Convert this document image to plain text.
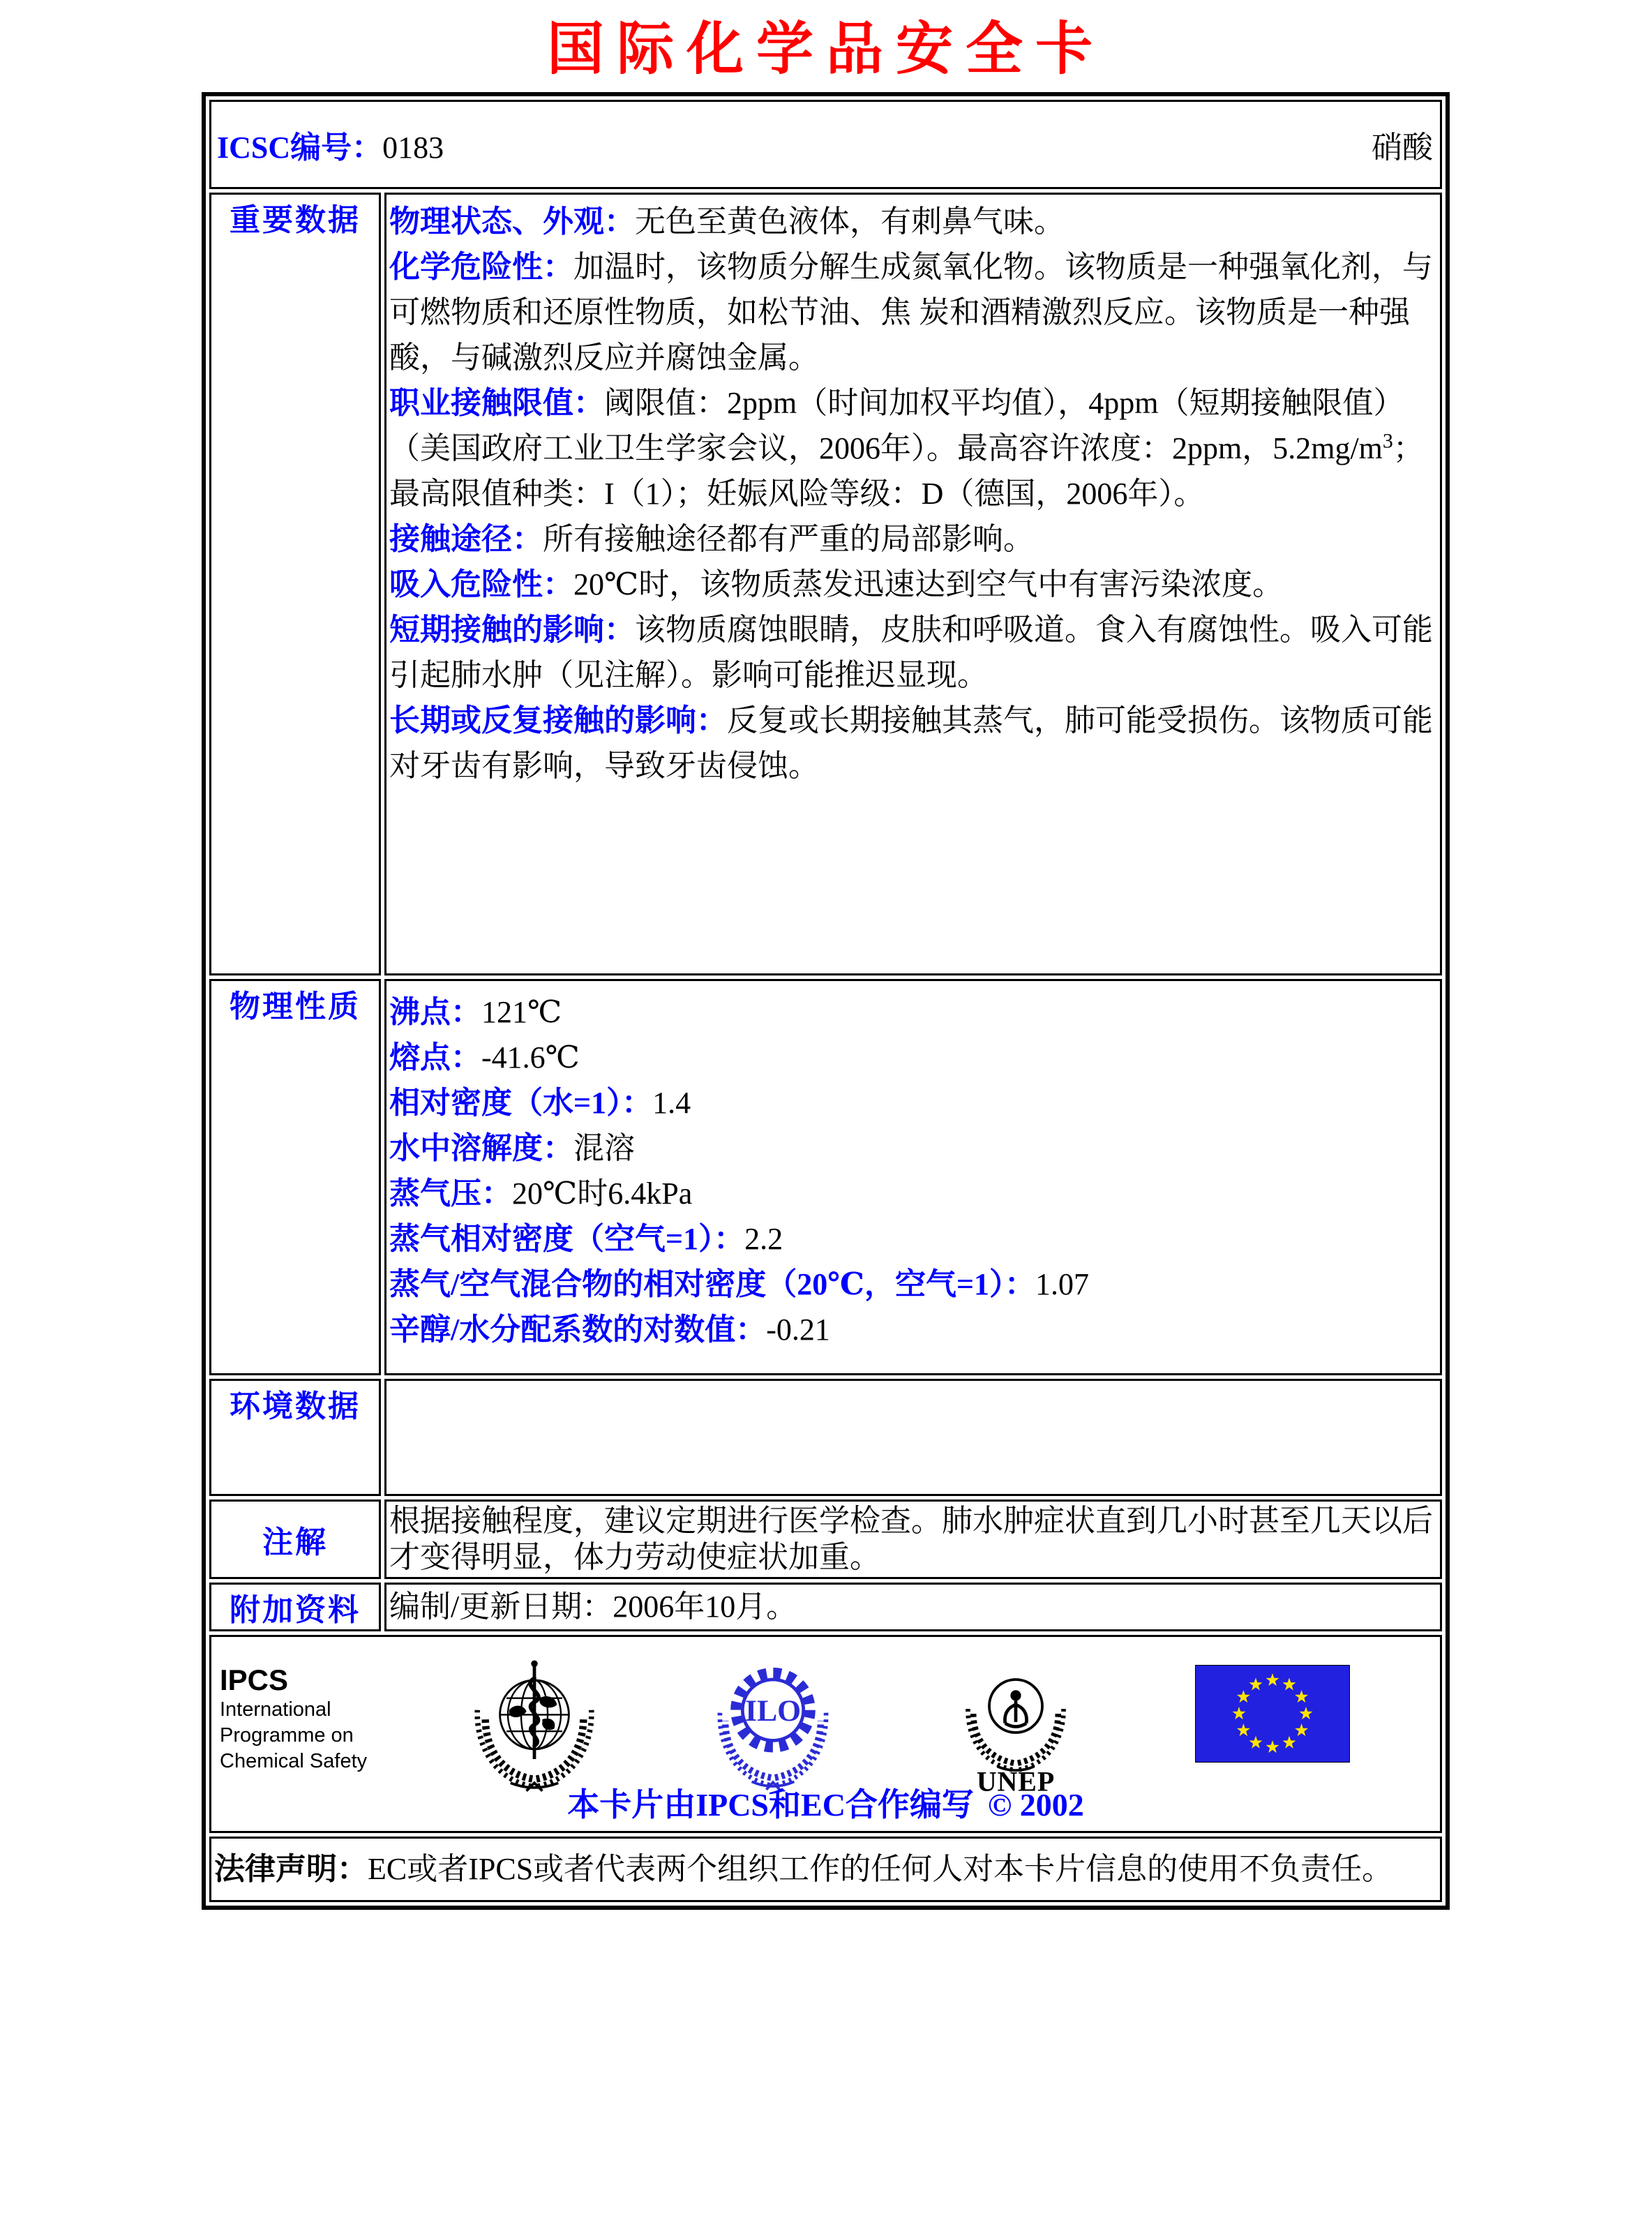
国际化学品安全卡
ICSC编号：0183 硝酸	

重要数据	物理状态、外观：无色至黄色液体，有刺鼻气味。
化学危险性：加温时，该物质分解生成氮氧化物。该物质是一种强氧化剂，与可燃物质和还原性物质，如松节油、焦 炭和酒精激烈反应。该物质是一种强酸，与碱激烈反应并腐蚀金属。
职业接触限值：阈限值：2ppm（时间加权平均值），4ppm（短期接触限值）（美国政府工业卫生学家会议，2006年）。最高容许浓度：2ppm，$5.2mg/m^3$；最高限值种类：I（1）；妊娠风险等级：D（德国，2006年）。
接触途径：所有接触途径都有严重的局部影响。
吸入危险性：20℃时，该物质蒸发迅速达到空气中有害污染浓度。
短期接触的影响：该物质腐蚀眼睛，皮肤和呼吸道。食入有腐蚀性。吸入可能引起肺水肿（见注解）。影响可能推迟显现。
长期或反复接触的影响：反复或长期接触其蒸气，肺可能受损伤。该物质可能对牙齿有影响，导致牙齿侵蚀。

物理性质	沸点：121℃
熔点：-41.6℃
相对密度（水=1）：1.4
水中溶解度：混溶
蒸气压：20℃时6.4kPa
蒸气相对密度（空气=1）：2.2
蒸气/空气混合物的相对密度（20℃，空气=1）：1.07
辛醇/水分配系数的对数值：-0.21

环境数据	

注解	根据接触程度，建议定期进行医学检查。肺水肿症状直到几小时甚至几天以后才变得明显，体力劳动使症状加重。

附加资料	编制/更新日期：2006年10月。

IPCS
International
Programme on
Chemical Safety
ILO
UNEP
本卡片由IPCS和EC合作编写 © 2002

法律声明：EC或者IPCS或者代表两个组织工作的任何人对本卡片信息的使用不负责任。	
